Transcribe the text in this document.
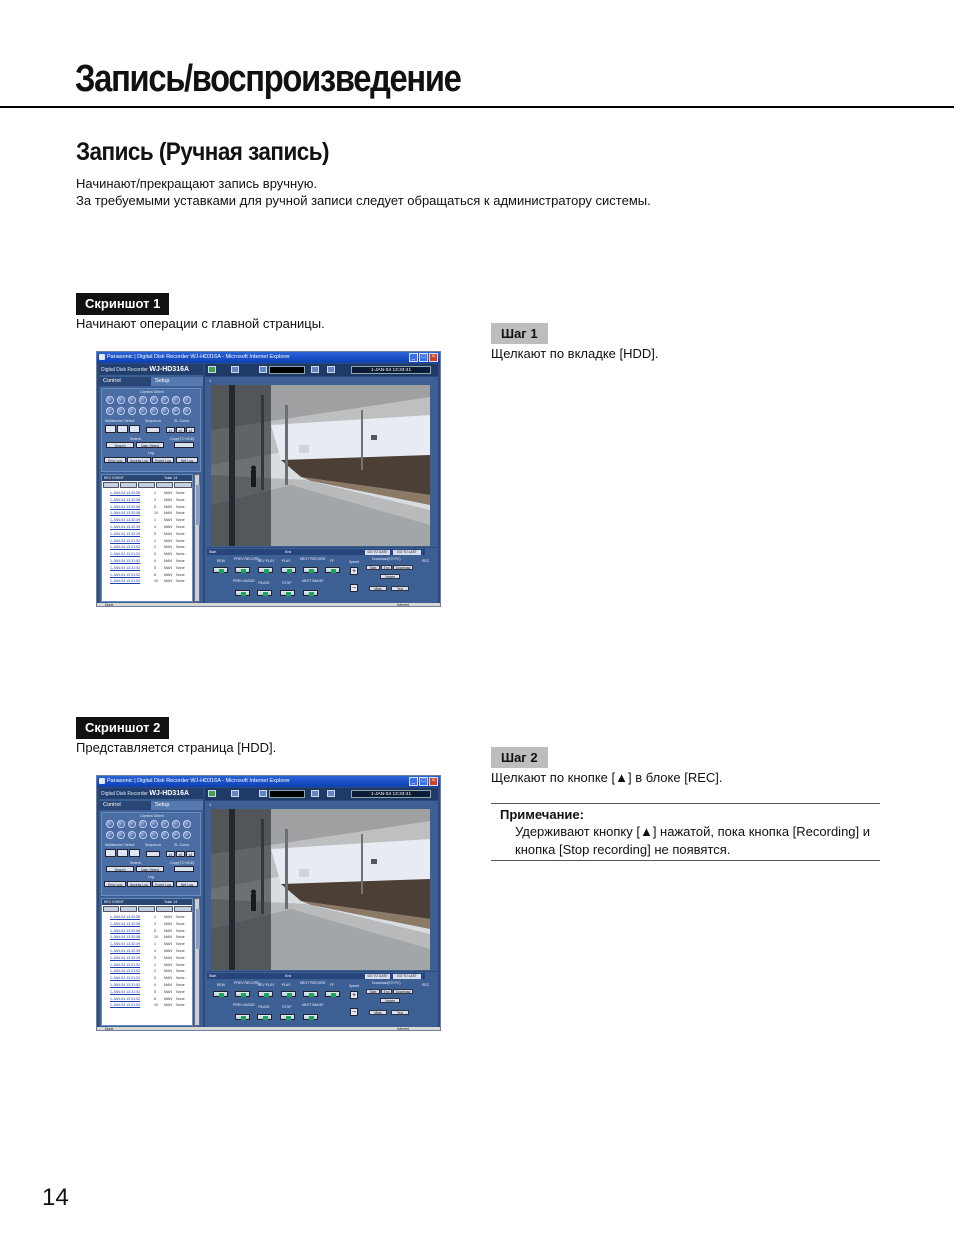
Запись/воспроизведение
Запись (Ручная запись)
Начинают/прекращают запись вручную.
За требуемыми уставками для ручной записи следует обращаться к администратору системы.
Скриншот 1
Начинают операции с главной страницы.
Шаг 1
Щелкают по вкладке [HDD].
Panasonic | Digital Disk Recorder WJ-HD316A - Microsoft Internet Explorer	_	□	×
Digital Disk Recorder WJ-HD316A
Control	Setup
Camera Select
Multiscreen Select	Sequence	EL-Zoom
x1	x2	x4
Search	Copy(TO HDD)
Search	Date Select
Log
Error Log	Access Log	Event Log	Net Log
REC EVENT	Total: 14
1-JAN-04 13:32:58	1 MAN None
1-JAN-04 13:32:58	3 MAN None
1-JAN-04 13:32:58	5 MAN None
1-JAN-04 13:32:58	10 MAN None
1-JAN-04 13:32:49	1 MAN None
1-JAN-04 13:32:49	4 MAN None
1-JAN-04 13:32:49	5 MAN None
1-JAN-04 13:31:52	1 MAN None
1-JAN-04 13:31:52	2 MAN None
1-JAN-04 13:31:52	3 MAN None
1-JAN-04 13:31:52	4 MAN None
1-JAN-04 13:31:52	5 MAN None
1-JAN-04 13:31:52	8 MAN None
1-JAN-04 13:31:52	10 MAN None
1-JAN-04 13:33:41
1
Start	End	GO TO DATE	GO TO LAST
REW	PREV RECORD
REV PLAY	PLAY	NEXT RECORD	FF
PREV IMAGE PAUSE	STOP	NEXT IMAGE
Speed
+
−
Download(TO PC)
Start	End	Download
Viewer
Mark	Text
REC
Done	Internet
Скриншот 2
Представляется страница [HDD].
Шаг 2
Щелкают по кнопке [▲] в блоке [REC].
Примечание:
Удерживают кнопку [▲] нажатой, пока кнопка [Recording] и кнопка [Stop recording] не появятся.
Panasonic | Digital Disk Recorder WJ-HD316A - Microsoft Internet Explorer	_	□	×
Digital Disk Recorder WJ-HD316A
Control	Setup
Camera Select
Multiscreen Select	Sequence	EL-Zoom
x1	x2	x4
Search	Copy(TO HDD)
Search	Date Select
Log
Error Log	Access Log	Event Log	Net Log
REC EVENT	Total: 14
1-JAN-04 13:32:58	1 MAN None
1-JAN-04 13:32:58	3 MAN None
1-JAN-04 13:32:58	5 MAN None
1-JAN-04 13:32:58	10 MAN None
1-JAN-04 13:32:49	1 MAN None
1-JAN-04 13:32:49	4 MAN None
1-JAN-04 13:32:49	5 MAN None
1-JAN-04 13:31:52	1 MAN None
1-JAN-04 13:31:52	2 MAN None
1-JAN-04 13:31:52	3 MAN None
1-JAN-04 13:31:52	4 MAN None
1-JAN-04 13:31:52	5 MAN None
1-JAN-04 13:31:52	8 MAN None
1-JAN-04 13:31:52	10 MAN None
1-JAN-04 13:33:41
1
Start	End	GO TO DATE	GO TO LAST
REW	PREV RECORD
REV PLAY	PLAY	NEXT RECORD	FF
PREV IMAGE PAUSE	STOP	NEXT IMAGE
Speed
+
−
Download(TO PC)
Start	End	Download
Viewer
Mark	Text
REC
Done	Internet
14
